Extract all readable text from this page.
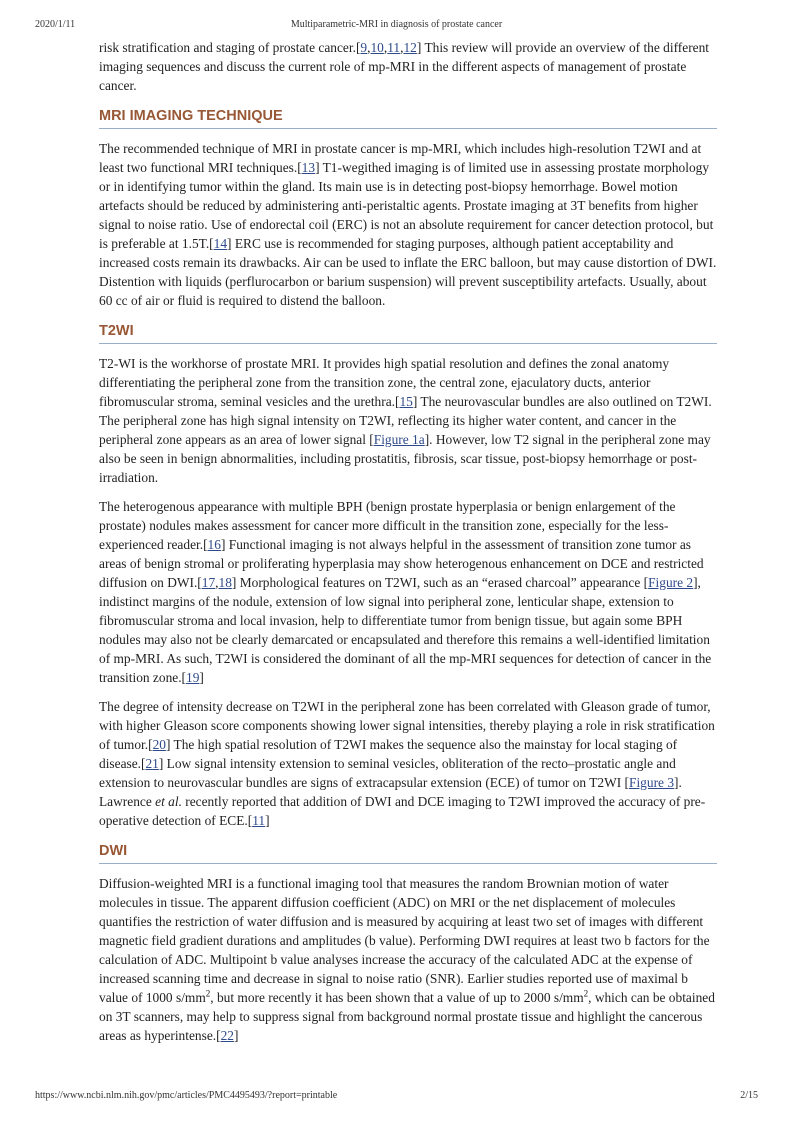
2020/1/11	Multiparametric-MRI in diagnosis of prostate cancer

risk stratification and staging of prostate cancer.[9,10,11,12] This review will provide an overview of the different imaging sequences and discuss the current role of mp-MRI in the different aspects of management of prostate cancer.

MRI IMAGING TECHNIQUE

The recommended technique of MRI in prostate cancer is mp-MRI, which includes high-resolution T2WI and at least two functional MRI techniques.[13] T1-wegithed imaging is of limited use in assessing prostate morphology or in identifying tumor within the gland. Its main use is in detecting post-biopsy hemorrhage. Bowel motion artefacts should be reduced by administering anti-peristaltic agents. Prostate imaging at 3T benefits from higher signal to noise ratio. Use of endorectal coil (ERC) is not an absolute requirement for cancer detection protocol, but is preferable at 1.5T.[14] ERC use is recommended for staging purposes, although patient acceptability and increased costs remain its drawbacks. Air can be used to inflate the ERC balloon, but may cause distortion of DWI. Distention with liquids (perflurocarbon or barium suspension) will prevent susceptibility artefacts. Usually, about 60 cc of air or fluid is required to distend the balloon.

T2WI

T2-WI is the workhorse of prostate MRI. It provides high spatial resolution and defines the zonal anatomy differentiating the peripheral zone from the transition zone, the central zone, ejaculatory ducts, anterior fibromuscular stroma, seminal vesicles and the urethra.[15] The neurovascular bundles are also outlined on T2WI. The peripheral zone has high signal intensity on T2WI, reflecting its higher water content, and cancer in the peripheral zone appears as an area of lower signal [Figure 1a]. However, low T2 signal in the peripheral zone may also be seen in benign abnormalities, including prostatitis, fibrosis, scar tissue, post-biopsy hemorrhage or post-irradiation.

The heterogenous appearance with multiple BPH (benign prostate hyperplasia or benign enlargement of the prostate) nodules makes assessment for cancer more difficult in the transition zone, especially for the less-experienced reader.[16] Functional imaging is not always helpful in the assessment of transition zone tumor as areas of benign stromal or proliferating hyperplasia may show heterogenous enhancement on DCE and restricted diffusion on DWI.[17,18] Morphological features on T2WI, such as an “erased charcoal” appearance [Figure 2], indistinct margins of the nodule, extension of low signal into peripheral zone, lenticular shape, extension to fibromuscular stroma and local invasion, help to differentiate tumor from benign tissue, but again some BPH nodules may also not be clearly demarcated or encapsulated and therefore this remains a well-identified limitation of mp-MRI. As such, T2WI is considered the dominant of all the mp-MRI sequences for detection of cancer in the transition zone.[19]

The degree of intensity decrease on T2WI in the peripheral zone has been correlated with Gleason grade of tumor, with higher Gleason score components showing lower signal intensities, thereby playing a role in risk stratification of tumor.[20] The high spatial resolution of T2WI makes the sequence also the mainstay for local staging of disease.[21] Low signal intensity extension to seminal vesicles, obliteration of the recto–prostatic angle and extension to neurovascular bundles are signs of extracapsular extension (ECE) of tumor on T2WI [Figure 3]. Lawrence et al. recently reported that addition of DWI and DCE imaging to T2WI improved the accuracy of pre-operative detection of ECE.[11]

DWI

Diffusion-weighted MRI is a functional imaging tool that measures the random Brownian motion of water molecules in tissue. The apparent diffusion coefficient (ADC) on MRI or the net displacement of molecules quantifies the restriction of water diffusion and is measured by acquiring at least two set of images with different magnetic field gradient durations and amplitudes (b value). Performing DWI requires at least two b factors for the calculation of ADC. Multipoint b value analyses increase the accuracy of the calculated ADC at the expense of increased scanning time and decrease in signal to noise ratio (SNR). Earlier studies reported use of maximal b value of 1000 $s/mm^2$, but more recently it has been shown that a value of up to 2000 $s/mm^2$, which can be obtained on 3T scanners, may help to suppress signal from background normal prostate tissue and highlight the cancerous areas as hyperintense.[22]

https://www.ncbi.nlm.nih.gov/pmc/articles/PMC4495493/?report=printable	2/15
